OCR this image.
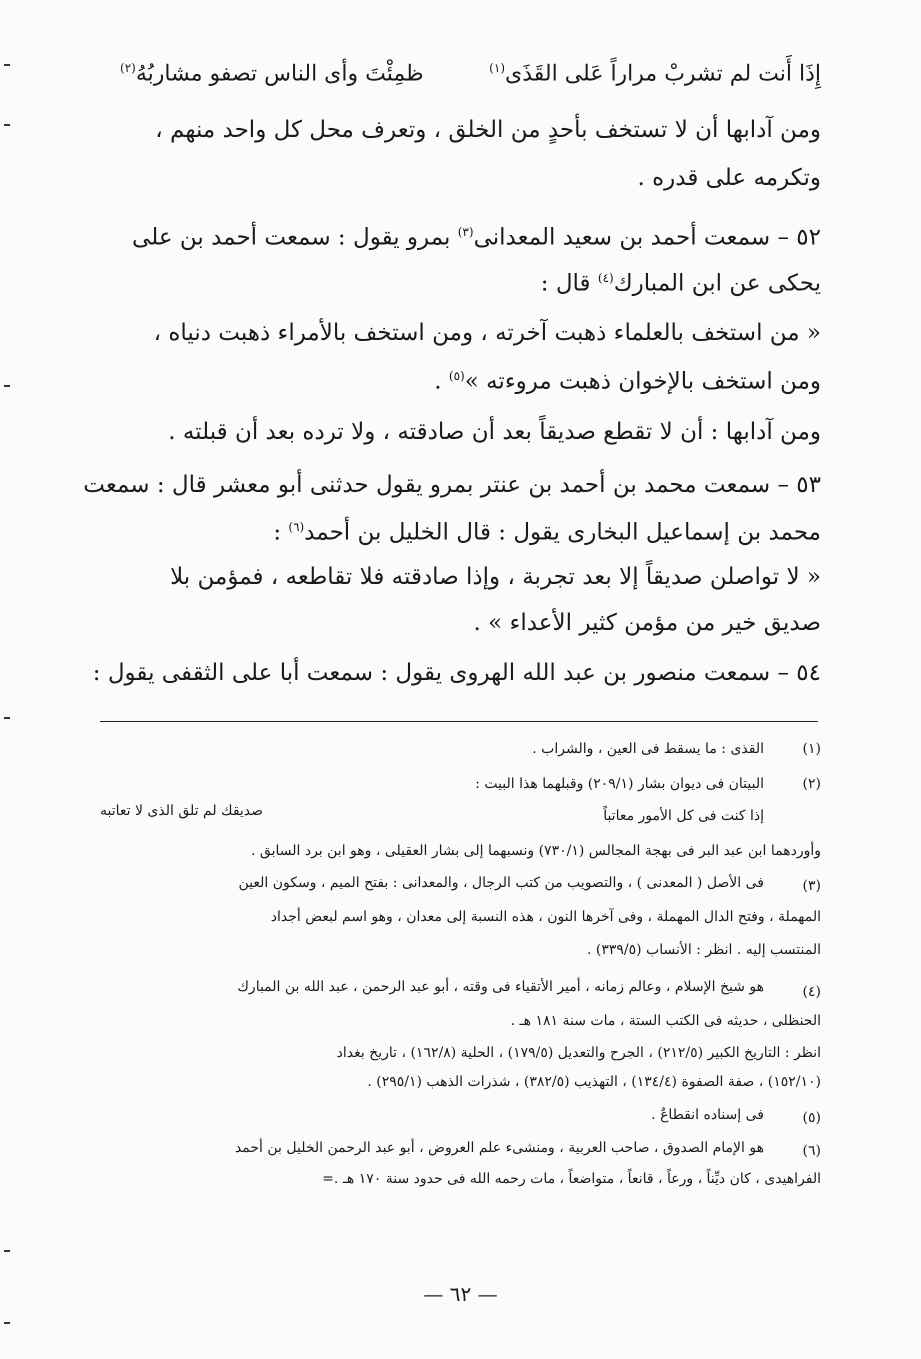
إِذَا أَنت لم تشربْ مراراً عَلى القَذَى$^{(١)}$
ظمِئْتَ وأى الناس تصفو مشاربُهُ$^{(٢)}$
ومن آدابها أن لا تستخف بأحدٍ من الخلق ، وتعرف محل كل واحد منهم ،
وتكرمه على قدره .
٥٢ – سمعت أحمد بن سعيد المعدانى$^{(٣)}$ بمرو يقول : سمعت أحمد بن على
يحكى عن ابن المبارك$^{(٤)}$ قال :
« من استخف بالعلماء ذهبت آخرته ، ومن استخف بالأمراء ذهبت دنياه ،
ومن استخف بالإخوان ذهبت مروءته »$^{(٥)}$ .
ومن آدابها : أن لا تقطع صديقاً بعد أن صادقته ، ولا ترده بعد أن قبلته .
٥٣ – سمعت محمد بن أحمد بن عنتر بمرو يقول حدثنى أبو معشر قال : سمعت
محمد بن إسماعيل البخارى يقول : قال الخليل بن أحمد$^{(٦)}$ :
« لا تواصلن صديقاً إلا بعد تجربة ، وإذا صادقته فلا تقاطعه ، فمؤمن بلا
صديق خير من مؤمن كثير الأعداء » .
٥٤ – سمعت منصور بن عبد الله الهروى يقول : سمعت أبا على الثقفى يقول :
(١)
القذى : ما يسقط فى العين ، والشراب .
(٢)
البيتان فى ديوان بشار (٢٠٩/١) وقبلهما هذا البيت :
إذا كنت فى كل الأمور معاتباً
صديقك لم تلق الذى لا تعاتبه
وأوردهما ابن عبد البر فى بهجة المجالس (٧٣٠/١) ونسبهما إلى بشار العقيلى ، وهو ابن برد السابق .
(٣)
فى الأصل ( المعدنى ) ، والتصويب من كتب الرجال ، والمعدانى : بفتح الميم ، وسكون العين
المهملة ، وفتح الدال المهملة ، وفى آخرها النون ، هذه النسبة إلى معدان ، وهو اسم لبعض أجداد
المنتسب إليه . انظر : الأنساب (٣٣٩/٥) .
(٤)
هو شيخ الإسلام ، وعالم زمانه ، أمير الأتقياء فى وقته ، أبو عبد الرحمن ، عبد الله بن المبارك
الحنظلى ، حديثه فى الكتب الستة ، مات سنة ١٨١ هـ .
انظر : التاريخ الكبير (٢١٢/٥) ، الجرح والتعديل (١٧٩/٥) ، الحلية (١٦٢/٨) ، تاريخ بغداد
(١٥٢/١٠) ، صفة الصفوة (١٣٤/٤) ، التهذيب (٣٨٢/٥) ، شذرات الذهب (٢٩٥/١) .
(٥)
فى إسناده انقطاعٌ .
(٦)
هو الإمام الصدوق ، صاحب العربية ، ومنشىء علم العروض ، أبو عبد الرحمن الخليل بن أحمد
الفراهيدى ، كان ديِّناً ، ورعاً ، قانعاً ، متواضعاً ، مات رحمه الله فى حدود سنة ١٧٠ هـ .=
— ٦٢ —
